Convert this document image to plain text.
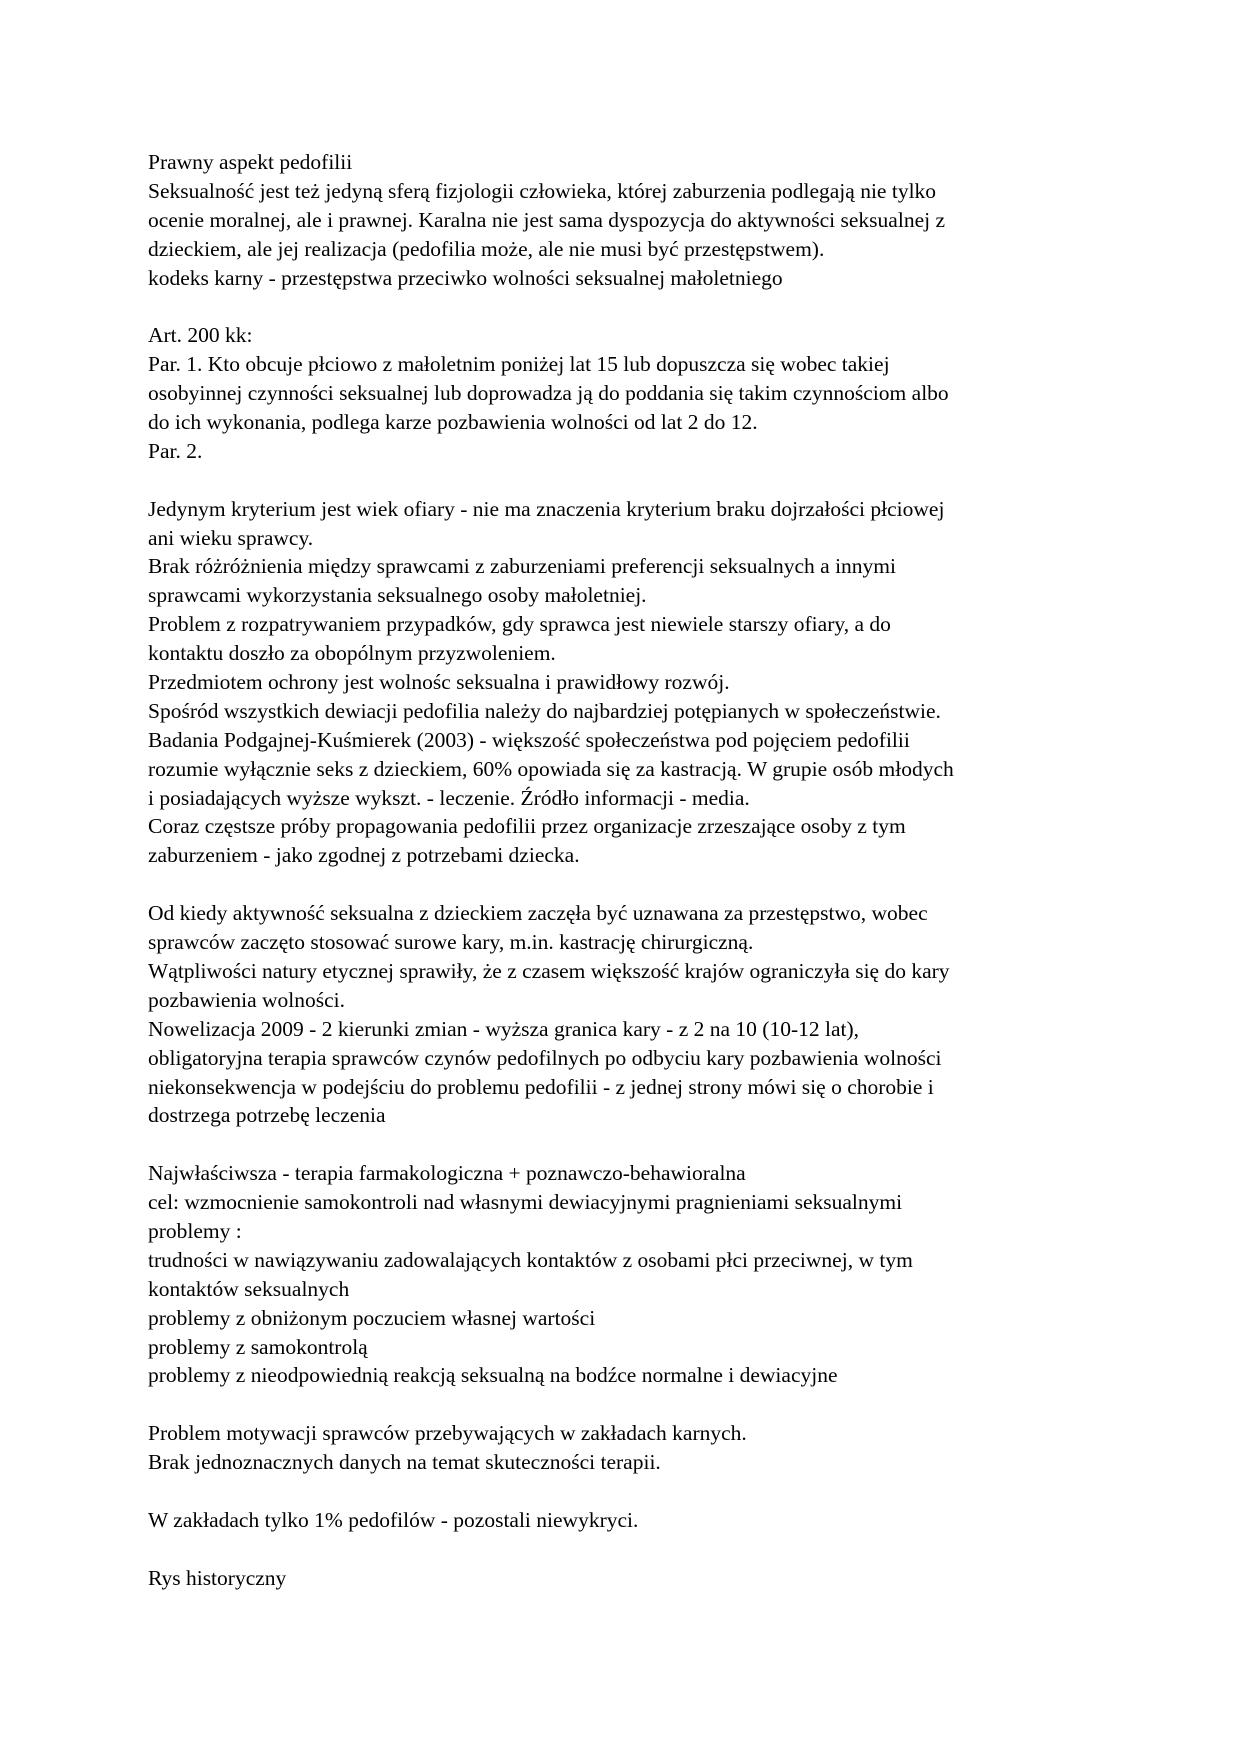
Prawny aspekt pedofilii
Seksualność jest też jedyną sferą fizjologii człowieka, której zaburzenia podlegają nie tylko
ocenie moralnej, ale i prawnej. Karalna nie jest sama dyspozycja do aktywności seksualnej z
dzieckiem, ale jej realizacja (pedofilia może, ale nie musi być przestępstwem).
kodeks karny - przestępstwa przeciwko wolności seksualnej małoletniego
Art. 200 kk:
Par. 1. Kto obcuje płciowo z małoletnim poniżej lat 15 lub dopuszcza się wobec takiej
osobyinnej czynności seksualnej lub doprowadza ją do poddania się takim czynnościom albo
do ich wykonania, podlega karze pozbawienia wolności od lat 2 do 12.
Par. 2.
Jedynym kryterium jest wiek ofiary - nie ma znaczenia kryterium braku dojrzałości płciowej
ani wieku sprawcy.
Brak różróżnienia między sprawcami z zaburzeniami preferencji seksualnych a innymi
sprawcami wykorzystania seksualnego osoby małoletniej.
Problem z rozpatrywaniem przypadków, gdy sprawca jest niewiele starszy ofiary, a do
kontaktu doszło za obopólnym przyzwoleniem.
Przedmiotem ochrony jest wolnośc seksualna i prawidłowy rozwój.
Spośród wszystkich dewiacji pedofilia należy do najbardziej potępianych w społeczeństwie.
Badania Podgajnej-Kuśmierek (2003) - większość społeczeństwa pod pojęciem pedofilii
rozumie wyłącznie seks z dzieckiem, 60% opowiada się za kastracją. W grupie osób młodych
i posiadających wyższe wykszt. - leczenie. Źródło informacji - media.
Coraz częstsze próby propagowania pedofilii przez organizacje zrzeszające osoby z tym
zaburzeniem - jako zgodnej z potrzebami dziecka.
Od kiedy aktywność seksualna z dzieckiem zaczęła być uznawana za przestępstwo, wobec
sprawców zaczęto stosować surowe kary, m.in. kastrację chirurgiczną.
Wątpliwości natury etycznej sprawiły, że z czasem większość krajów ograniczyła się do kary
pozbawienia wolności.
Nowelizacja 2009 - 2 kierunki zmian - wyższa granica kary - z 2 na 10 (10-12 lat),
obligatoryjna terapia sprawców czynów pedofilnych po odbyciu kary pozbawienia wolności
niekonsekwencja w podejściu do problemu pedofilii - z jednej strony mówi się o chorobie i
dostrzega potrzebę leczenia
Najwłaściwsza - terapia farmakologiczna + poznawczo-behawioralna
cel: wzmocnienie samokontroli nad własnymi dewiacyjnymi pragnieniami seksualnymi
problemy :
trudności w nawiązywaniu zadowalających kontaktów z osobami płci przeciwnej, w tym
kontaktów seksualnych
problemy z obniżonym poczuciem własnej wartości
problemy z samokontrolą
problemy z nieodpowiednią reakcją seksualną na bodźce normalne i dewiacyjne
Problem motywacji sprawców przebywających w zakładach karnych.
Brak jednoznacznych danych na temat skuteczności terapii.
W zakładach tylko 1% pedofilów - pozostali niewykryci.
Rys historyczny
